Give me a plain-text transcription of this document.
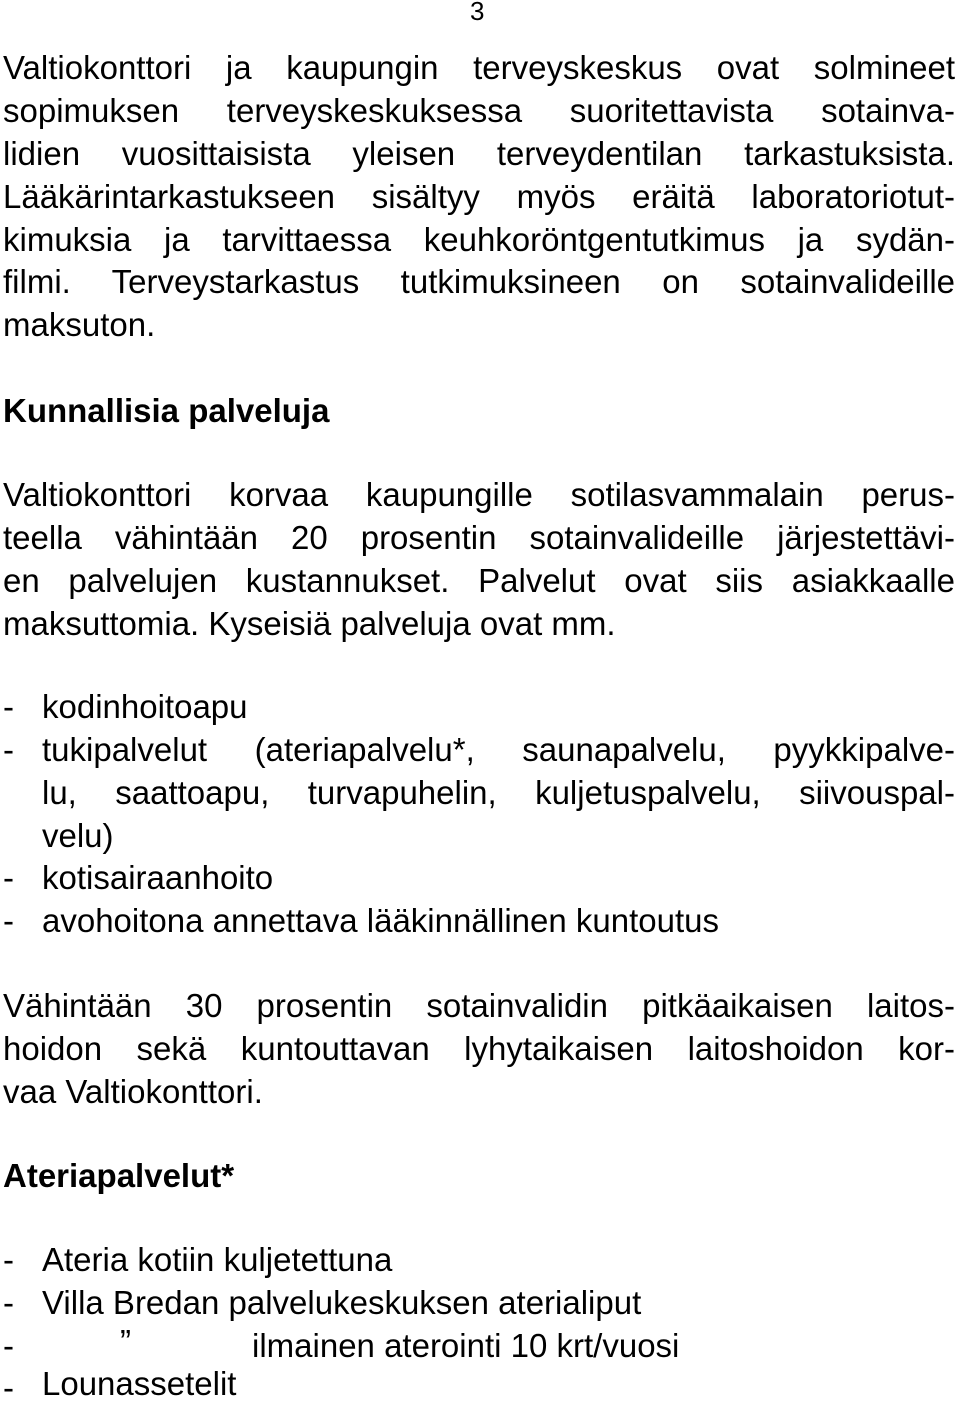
3
Valtiokonttori ja kaupungin terveyskeskus ovat solmineet
sopimuksen terveyskeskuksessa suoritettavista sotainva-
lidien vuosittaisista yleisen terveydentilan tarkastuksista.
Lääkärintarkastukseen sisältyy myös eräitä laboratoriotut-
kimuksia ja tarvittaessa keuhkoröntgentutkimus ja sydän-
filmi. Terveystarkastus tutkimuksineen on sotainvalideille
maksuton.
Kunnallisia palveluja
Valtiokonttori korvaa kaupungille sotilasvammalain perus-
teella vähintään 20 prosentin sotainvalideille järjestettävi-
en palvelujen kustannukset. Palvelut ovat siis asiakkaalle
maksuttomia. Kyseisiä palveluja ovat mm.
- kodinhoitoapu
- tukipalvelut (ateriapalvelu*, saunapalvelu, pyykkipalve-
lu, saattoapu, turvapuhelin, kuljetuspalvelu, siivouspal-
velu)
- kotisairaanhoito
- avohoitona annettava lääkinnällinen kuntoutus
Vähintään 30 prosentin sotainvalidin pitkäaikaisen laitos-
hoidon sekä kuntouttavan lyhytaikaisen laitoshoidon kor-
vaa Valtiokonttori.
Ateriapalvelut*
- Ateria kotiin kuljetettuna
- Villa Bredan palvelukeskuksen aterialiput
-	”	ilmainen aterointi 10 krt/vuosi
- Lounassetelit
